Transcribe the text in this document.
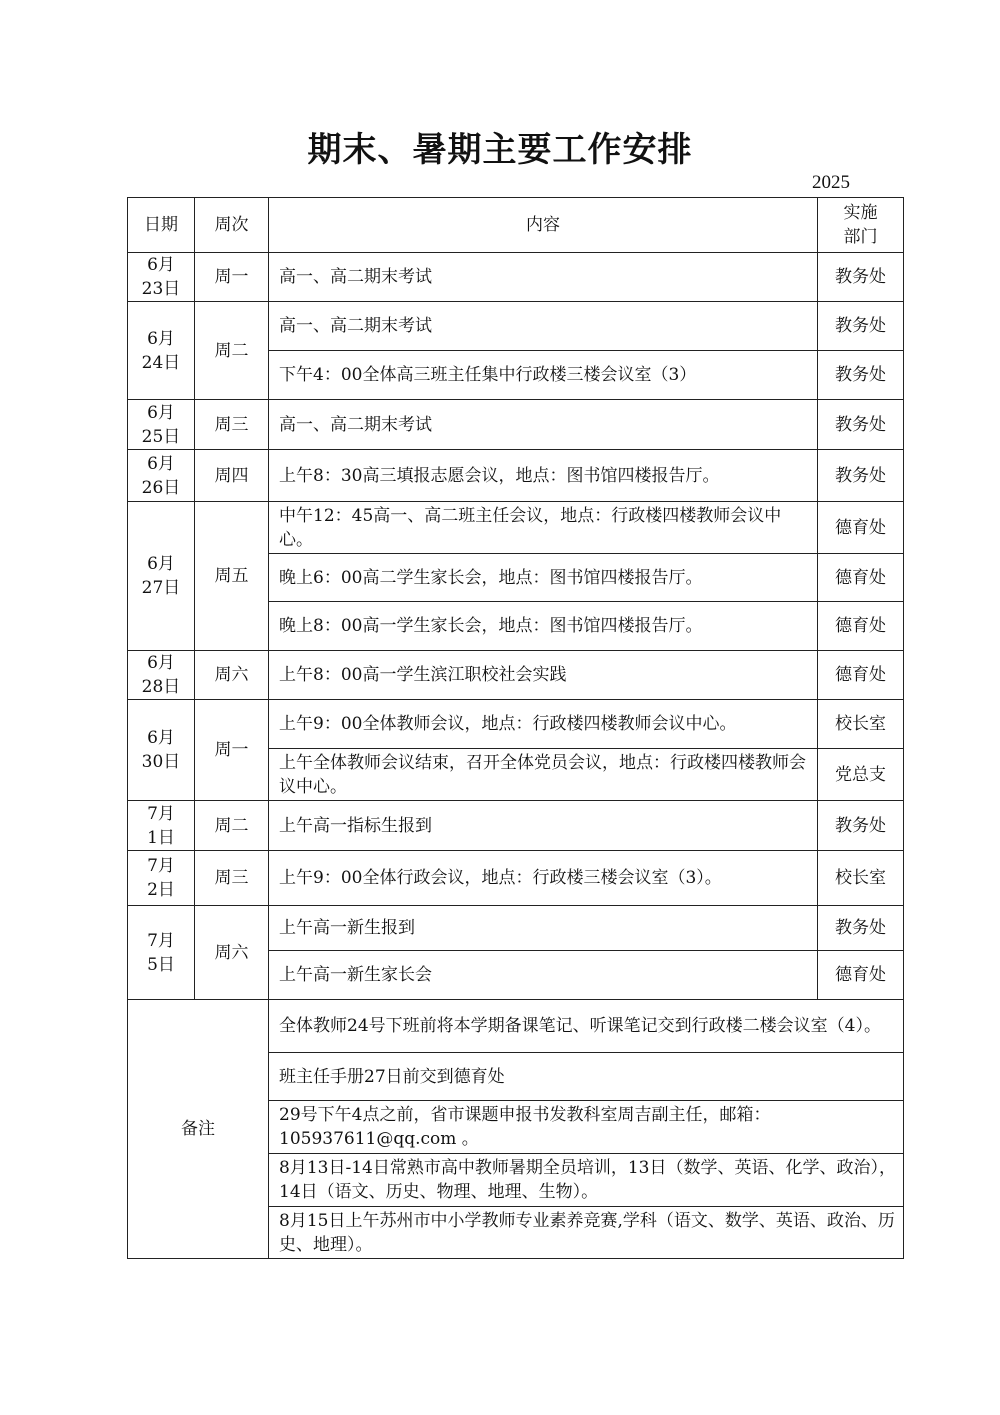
期末、暑期主要工作安排
2025
日期	周次	内容	实施
部门

6月
23日	周一	高一、高二期末考试	教务处

6月
24日	周二	高一、高二期末考试	教务处
		下午4：00全体高三班主任集中行政楼三楼会议室（3）	教务处

6月
25日	周三	高一、高二期末考试	教务处

6月
26日	周四	上午8：30高三填报志愿会议，地点：图书馆四楼报告厅。	教务处

6月
27日	周五	中午12：45高一、高二班主任会议，地点：行政楼四楼教师会议中心。	德育处
		晚上6：00高二学生家长会，地点：图书馆四楼报告厅。	德育处
		晚上8：00高一学生家长会，地点：图书馆四楼报告厅。	德育处

6月
28日	周六	上午8：00高一学生滨江职校社会实践	德育处

6月
30日	周一	上午9：00全体教师会议，地点：行政楼四楼教师会议中心。	校长室
		上午全体教师会议结束，召开全体党员会议，地点：行政楼四楼教师会议中心。	党总支

7月
1日	周二	上午高一指标生报到	教务处

7月
2日	周三	上午9：00全体行政会议，地点：行政楼三楼会议室（3）。	校长室

7月
5日	周六	上午高一新生报到	教务处
		上午高一新生家长会	德育处
备注		全体教师24号下班前将本学期备课笔记、听课笔记交到行政楼二楼会议室（4）。	
		班主任手册27日前交到德育处	
		29号下午4点之前，省市课题申报书发教科室周吉副主任，邮箱：105937611@qq.com 。	
		8月13日-14日常熟市高中教师暑期全员培训，13日（数学、英语、化学、政治），14日（语文、历史、物理、地理、生物）。	
		8月15日上午苏州市中小学教师专业素养竞赛,学科（语文、数学、英语、政治、历史、地理）。	
